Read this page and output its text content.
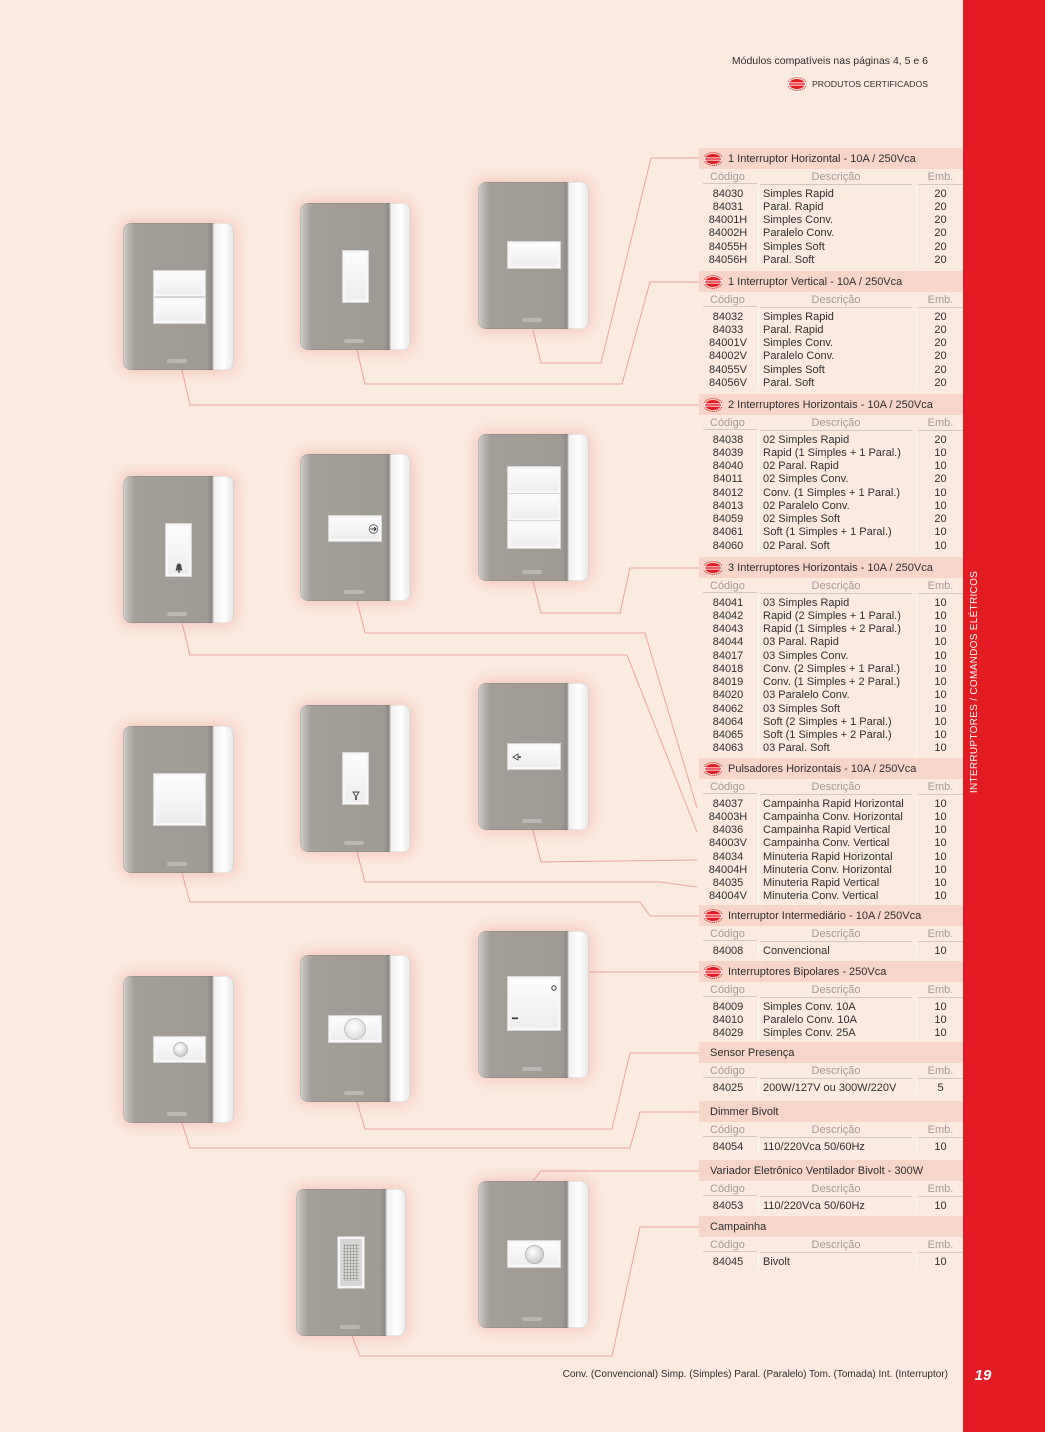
INTERRUPTORES / COMANDOS ELÉTRICOS
19
Módulos compatíveis nas páginas 4, 5 e 6
PRODUTOS CERTIFICADOS
1 Interruptor Horizontal - 10A / 250Vca
Código	Descrição	Emb.
84030	Simples Rapid	20
84031	Paral. Rapid	20
84001H	Simples Conv.	20
84002H	Paralelo Conv.	20
84055H	Simples Soft	20
84056H	Paral. Soft	20
1 Interruptor Vertical - 10A / 250Vca
Código	Descrição	Emb.
84032	Simples Rapid	20
84033	Paral. Rapid	20
84001V	Simples Conv.	20
84002V	Paralelo Conv.	20
84055V	Simples Soft	20
84056V	Paral. Soft	20
2 Interruptores Horizontais - 10A / 250Vca
Código	Descrição	Emb.
84038	02 Simples Rapid	20
84039	Rapid (1 Simples + 1 Paral.)	10
84040	02 Paral. Rapid	10
84011	02 Simples Conv.	20
84012	Conv. (1 Simples + 1 Paral.)	10
84013	02 Paralelo Conv.	10
84059	02 Simples Soft	20
84061	Soft (1 Simples + 1 Paral.)	10
84060	02 Paral. Soft	10
3 Interruptores Horizontais - 10A / 250Vca
Código	Descrição	Emb.
84041	03 Simples Rapid	10
84042	Rapid (2 Simples + 1 Paral.)	10
84043	Rapid (1 Simples + 2 Paral.)	10
84044	03 Paral. Rapid	10
84017	03 Simples Conv.	10
84018	Conv. (2 Simples + 1 Paral.)	10
84019	Conv. (1 Simples + 2 Paral.)	10
84020	03 Paralelo Conv.	10
84062	03 Simples Soft	10
84064	Soft (2 Simples + 1 Paral.)	10
84065	Soft (1 Simples + 2 Paral.)	10
84063	03 Paral. Soft	10
Pulsadores Horizontais - 10A / 250Vca
Código	Descrição	Emb.
84037	Campainha Rapid Horizontal	10
84003H	Campainha Conv. Horizontal	10
84036	Campainha Rapid Vertical	10
84003V	Campainha Conv. Vertical	10
84034	Minuteria Rapid Horizontal	10
84004H	Minuteria Conv. Horizontal	10
84035	Minuteria Rapid Vertical	10
84004V	Minuteria Conv. Vertical	10
Interruptor Intermediário - 10A / 250Vca
Código	Descrição	Emb.
84008	Convencional	10
Interruptores Bipolares - 250Vca
Código	Descrição	Emb.
84009	Simples Conv. 10A	10
84010	Paralelo Conv. 10A	10
84029	Simples Conv. 25A	10
Sensor Presença
Código	Descrição	Emb.
84025	200W/127V ou 300W/220V	5
Dimmer Bivolt
Código	Descrição	Emb.
84054	110/220Vca 50/60Hz	10
Variador Eletrônico Ventilador Bivolt - 300W
Código	Descrição	Emb.
84053	110/220Vca 50/60Hz	10
Campainha
Código	Descrição	Emb.
84045	Bivolt	10
Conv. (Convencional) Simp. (Simples) Paral. (Paralelo) Tom. (Tomada) Int. (Interruptor)
